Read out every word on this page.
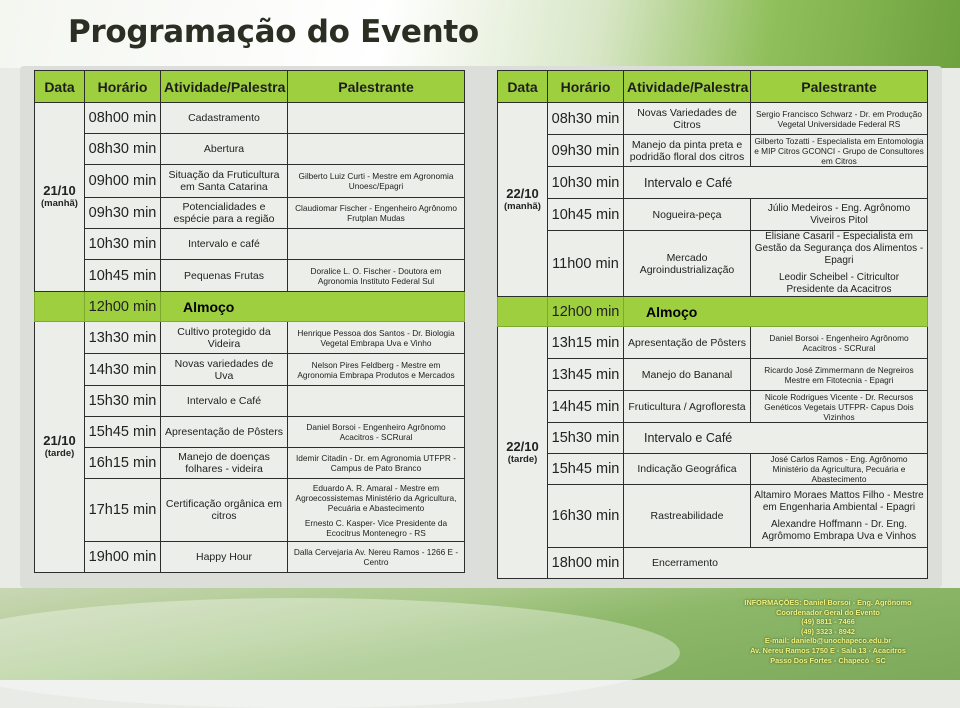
Programação do Evento
Data	Horário	Atividade/Palestra	Palestrante
21/10
(manhã)	08h00 min	Cadastramento	

	08h30 min	Abertura	

	09h00 min	Situação da Fruticultura em Santa Catarina	Gilberto Luiz Curti - Mestre em Agronomia Unoesc/Epagri

	09h30 min	Potencialidades e espécie para a região	Claudiomar Fischer - Engenheiro Agrônomo Frutplan Mudas

	10h30 min	Intervalo e café	

	10h45 min	Pequenas Frutas	Doralice L. O. Fischer - Doutora em Agronomia Instituto Federal Sul

	12h00 min	Almoço	
21/10
(tarde)	13h30 min	Cultivo protegido da Videira	Henrique Pessoa dos Santos - Dr. Biologia Vegetal Embrapa Uva e Vinho

	14h30 min	Novas variedades de Uva	Nelson Pires Feldberg - Mestre em Agronomia Embrapa Produtos e Mercados

	15h30 min	Intervalo e Café	

	15h45 min	Apresentação de Pôsters	Daniel Borsoi - Engenheiro Agrônomo Acacitros - SCRural

	16h15 min	Manejo de doenças folhares - videira	Idemir Citadin - Dr. em Agronomia UTFPR - Campus de Pato Branco

	17h15 min	Certificação orgânica em citros	Eduardo A. R. Amaral - Mestre em Agroecossistemas Ministério da Agricultura, Pecuária e Abastecimento
Ernesto C. Kasper- Vice Presidente da Ecocitrus Montenegro - RS

	19h00 min	Happy Hour	Dalla Cervejaria Av. Nereu Ramos - 1266 E - Centro
Data	Horário	Atividade/Palestra	Palestrante
22/10
(manhã)	08h30 min	Novas Variedades de Citros	Sergio Francisco Schwarz - Dr. em Produção Vegetal Universidade Federal RS

	09h30 min	Manejo da pinta preta e podridão floral dos citros	Gilberto Tozatti - Especialista em Entomologia e MIP Citros GCONCI - Grupo de Consultores em Citros

	10h30 min	Intervalo e Café	
	10h45 min	Nogueira-peça	Júlio Medeiros - Eng. Agrônomo Viveiros Pitol

	11h00 min	Mercado Agroindustrialização	Elisiane Casaril - Especialista em Gestão da Segurança dos Alimentos - Epagri
Leodir Scheibel - Citricultor Presidente da Acacitros

	12h00 min	Almoço	
22/10
(tarde)	13h15 min	Apresentação de Pôsters	Daniel Borsoi - Engenheiro Agrônomo Acacitros - SCRural

	13h45 min	Manejo do Bananal	Ricardo José Zimmermann de Negreiros Mestre em Fitotecnia - Epagri

	14h45 min	Fruticultura / Agrofloresta	Nicole Rodrigues Vicente - Dr. Recursos Genéticos Vegetais UTFPR- Capus Dois Vizinhos

	15h30 min	Intervalo e Café	
	15h45 min	Indicação Geográfica	José Carlos Ramos - Eng. Agrônomo Ministério da Agricultura, Pecuária e Abastecimento

	16h30 min	Rastreabilidade	Altamiro Moraes Mattos Filho - Mestre em Engenharia Ambiental - Epagri
Alexandre Hoffmann - Dr. Eng. Agrômomo Embrapa Uva e Vinhos

	18h00 min	Encerramento	
INFORMAÇÕES: Daniel Borsoi - Eng. Agrônomo
Coordenador Geral do Evento
(49) 8811 - 7466
(49) 3323 - 8942
E-mail: danielb@unochapeco.edu.br
Av. Nereu Ramos 1750 E - Sala 13 - Acacitros
Passo Dos Fortes - Chapecó - SC
